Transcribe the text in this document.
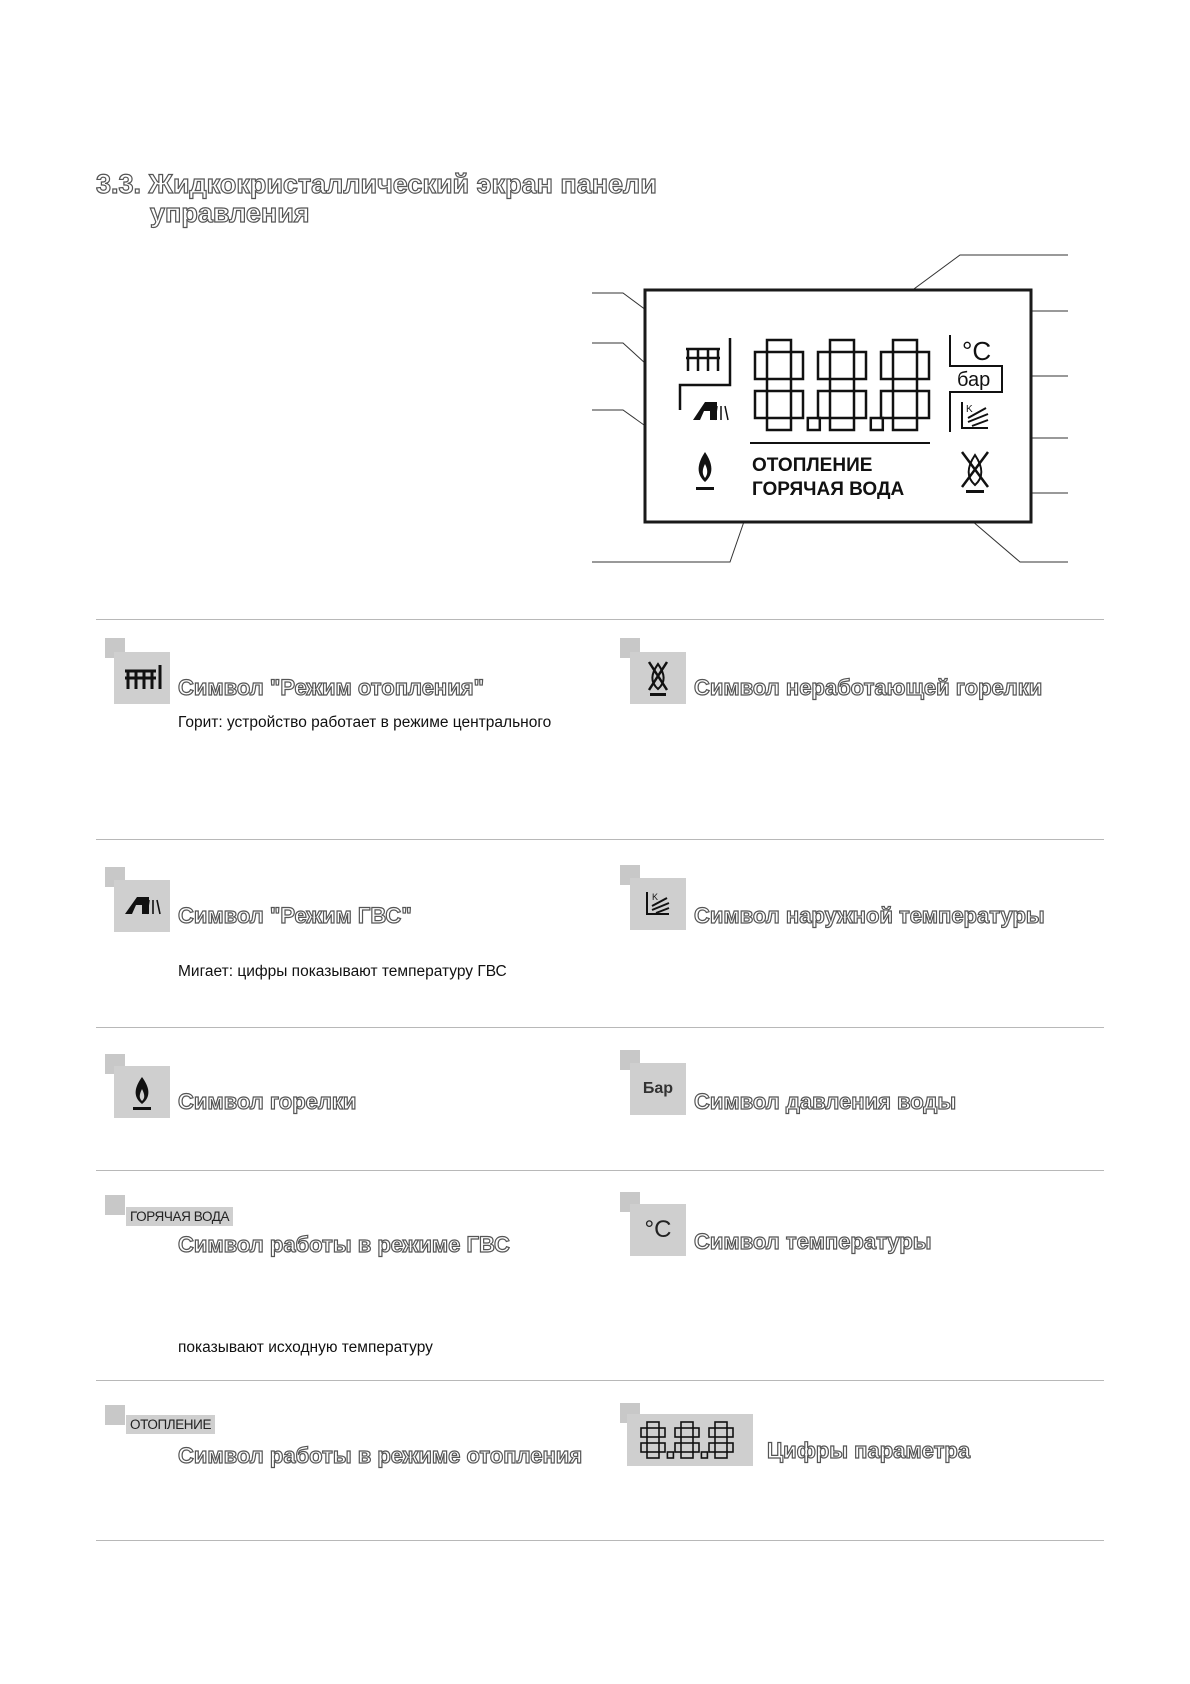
3.3. Жидкокристаллический экран панели
управления
ОТОПЛЕНИЕ
ГОРЯЧАЯ ВОДА
°C
бар
K
Символ "Режим отопления"
Горит: устройство работает в режиме центрального
Символ неработающей горелки
Символ "Режим ГВС"
Мигает: цифры показывают температуру ГВС
K
Символ наружной температуры
Символ горелки
Бар
Символ давления воды
ГОРЯЧАЯ ВОДА
Символ работы в режиме ГВС
показывают исходную температуру
°C Символ температуры
ОТОПЛЕНИЕ
Символ работы в режиме отопления	Цифры параметра
